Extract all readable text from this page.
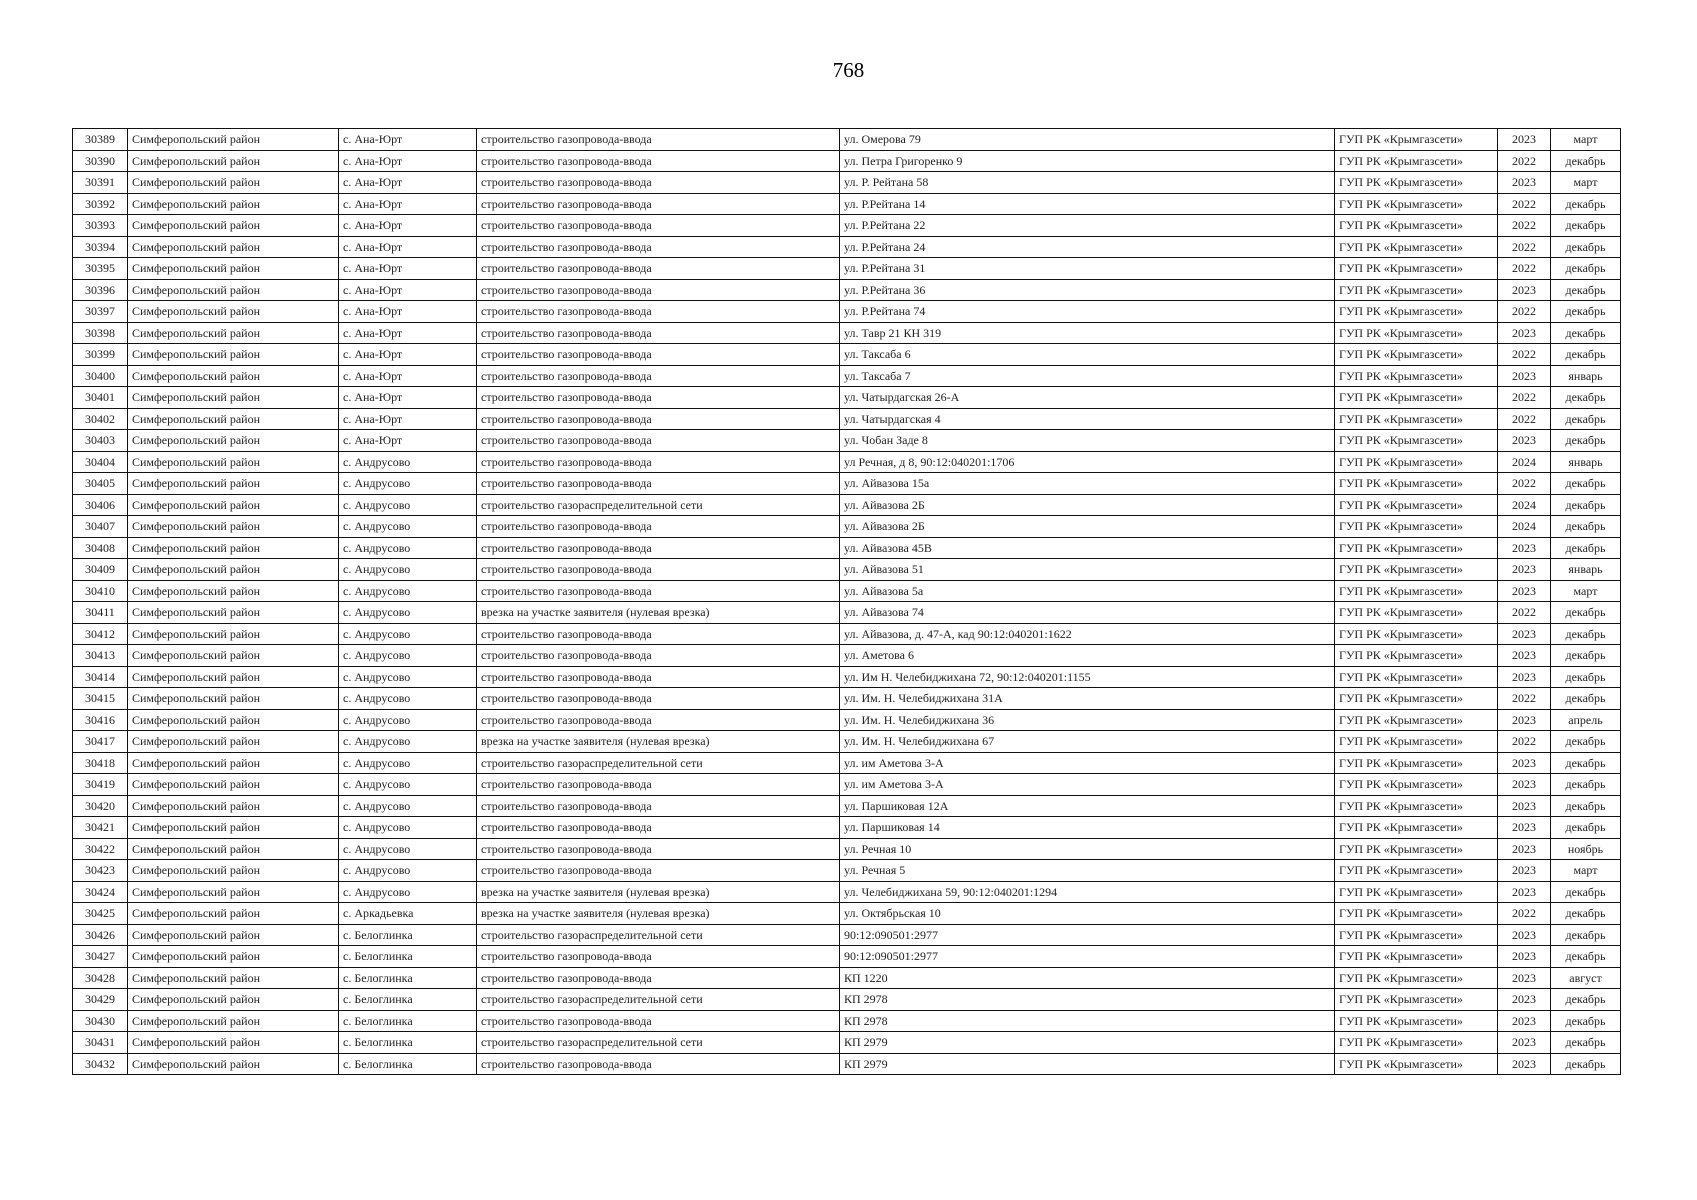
768
30389	Симферопольский район	с. Ана-Юрт	строительство газопровода-ввода	ул. Омерова 79	ГУП РК «Крымгазсети»	2023	март
30390	Симферопольский район	с. Ана-Юрт	строительство газопровода-ввода	ул. Петра Григоренко 9	ГУП РК «Крымгазсети»	2022	декабрь
30391	Симферопольский район	с. Ана-Юрт	строительство газопровода-ввода	ул. Р. Рейтана 58	ГУП РК «Крымгазсети»	2023	март
30392	Симферопольский район	с. Ана-Юрт	строительство газопровода-ввода	ул. Р.Рейтана 14	ГУП РК «Крымгазсети»	2022	декабрь
30393	Симферопольский район	с. Ана-Юрт	строительство газопровода-ввода	ул. Р.Рейтана 22	ГУП РК «Крымгазсети»	2022	декабрь
30394	Симферопольский район	с. Ана-Юрт	строительство газопровода-ввода	ул. Р.Рейтана 24	ГУП РК «Крымгазсети»	2022	декабрь
30395	Симферопольский район	с. Ана-Юрт	строительство газопровода-ввода	ул. Р.Рейтана 31	ГУП РК «Крымгазсети»	2022	декабрь
30396	Симферопольский район	с. Ана-Юрт	строительство газопровода-ввода	ул. Р.Рейтана 36	ГУП РК «Крымгазсети»	2023	декабрь
30397	Симферопольский район	с. Ана-Юрт	строительство газопровода-ввода	ул. Р.Рейтана 74	ГУП РК «Крымгазсети»	2022	декабрь
30398	Симферопольский район	с. Ана-Юрт	строительство газопровода-ввода	ул. Тавр 21 КН 319	ГУП РК «Крымгазсети»	2023	декабрь
30399	Симферопольский район	с. Ана-Юрт	строительство газопровода-ввода	ул. Таксаба 6	ГУП РК «Крымгазсети»	2022	декабрь
30400	Симферопольский район	с. Ана-Юрт	строительство газопровода-ввода	ул. Таксаба 7	ГУП РК «Крымгазсети»	2023	январь
30401	Симферопольский район	с. Ана-Юрт	строительство газопровода-ввода	ул. Чатырдагская 26-А	ГУП РК «Крымгазсети»	2022	декабрь
30402	Симферопольский район	с. Ана-Юрт	строительство газопровода-ввода	ул. Чатырдагская 4	ГУП РК «Крымгазсети»	2022	декабрь
30403	Симферопольский район	с. Ана-Юрт	строительство газопровода-ввода	ул. Чобан Заде 8	ГУП РК «Крымгазсети»	2023	декабрь
30404	Симферопольский район	с. Андрусово	строительство газопровода-ввода	ул Речная, д 8, 90:12:040201:1706	ГУП РК «Крымгазсети»	2024	январь
30405	Симферопольский район	с. Андрусово	строительство газопровода-ввода	ул. Айвазова 15а	ГУП РК «Крымгазсети»	2022	декабрь
30406	Симферопольский район	с. Андрусово	строительство газораспределительной сети	ул. Айвазова 2Б	ГУП РК «Крымгазсети»	2024	декабрь
30407	Симферопольский район	с. Андрусово	строительство газопровода-ввода	ул. Айвазова 2Б	ГУП РК «Крымгазсети»	2024	декабрь
30408	Симферопольский район	с. Андрусово	строительство газопровода-ввода	ул. Айвазова 45В	ГУП РК «Крымгазсети»	2023	декабрь
30409	Симферопольский район	с. Андрусово	строительство газопровода-ввода	ул. Айвазова 51	ГУП РК «Крымгазсети»	2023	январь
30410	Симферопольский район	с. Андрусово	строительство газопровода-ввода	ул. Айвазова 5а	ГУП РК «Крымгазсети»	2023	март
30411	Симферопольский район	с. Андрусово	врезка на участке заявителя (нулевая врезка)	ул. Айвазова 74	ГУП РК «Крымгазсети»	2022	декабрь
30412	Симферопольский район	с. Андрусово	строительство газопровода-ввода	ул. Айвазова, д. 47-А, кад 90:12:040201:1622	ГУП РК «Крымгазсети»	2023	декабрь
30413	Симферопольский район	с. Андрусово	строительство газопровода-ввода	ул. Аметова 6	ГУП РК «Крымгазсети»	2023	декабрь
30414	Симферопольский район	с. Андрусово	строительство газопровода-ввода	ул. Им Н. Челебиджихана 72, 90:12:040201:1155	ГУП РК «Крымгазсети»	2023	декабрь
30415	Симферопольский район	с. Андрусово	строительство газопровода-ввода	ул. Им. Н. Челебиджихана 31А	ГУП РК «Крымгазсети»	2022	декабрь
30416	Симферопольский район	с. Андрусово	строительство газопровода-ввода	ул. Им. Н. Челебиджихана 36	ГУП РК «Крымгазсети»	2023	апрель
30417	Симферопольский район	с. Андрусово	врезка на участке заявителя (нулевая врезка)	ул. Им. Н. Челебиджихана 67	ГУП РК «Крымгазсети»	2022	декабрь
30418	Симферопольский район	с. Андрусово	строительство газораспределительной сети	ул. им Аметова 3-А	ГУП РК «Крымгазсети»	2023	декабрь
30419	Симферопольский район	с. Андрусово	строительство газопровода-ввода	ул. им Аметова 3-А	ГУП РК «Крымгазсети»	2023	декабрь
30420	Симферопольский район	с. Андрусово	строительство газопровода-ввода	ул. Паршиковая 12А	ГУП РК «Крымгазсети»	2023	декабрь
30421	Симферопольский район	с. Андрусово	строительство газопровода-ввода	ул. Паршиковая 14	ГУП РК «Крымгазсети»	2023	декабрь
30422	Симферопольский район	с. Андрусово	строительство газопровода-ввода	ул. Речная 10	ГУП РК «Крымгазсети»	2023	ноябрь
30423	Симферопольский район	с. Андрусово	строительство газопровода-ввода	ул. Речная 5	ГУП РК «Крымгазсети»	2023	март
30424	Симферопольский район	с. Андрусово	врезка на участке заявителя (нулевая врезка)	ул. Челебиджихана 59, 90:12:040201:1294	ГУП РК «Крымгазсети»	2023	декабрь
30425	Симферопольский район	с. Аркадьевка	врезка на участке заявителя (нулевая врезка)	ул. Октябрьская 10	ГУП РК «Крымгазсети»	2022	декабрь
30426	Симферопольский район	с. Белоглинка	строительство газораспределительной сети	90:12:090501:2977	ГУП РК «Крымгазсети»	2023	декабрь
30427	Симферопольский район	с. Белоглинка	строительство газопровода-ввода	90:12:090501:2977	ГУП РК «Крымгазсети»	2023	декабрь
30428	Симферопольский район	с. Белоглинка	строительство газопровода-ввода	КП 1220	ГУП РК «Крымгазсети»	2023	август
30429	Симферопольский район	с. Белоглинка	строительство газораспределительной сети	КП 2978	ГУП РК «Крымгазсети»	2023	декабрь
30430	Симферопольский район	с. Белоглинка	строительство газопровода-ввода	КП 2978	ГУП РК «Крымгазсети»	2023	декабрь
30431	Симферопольский район	с. Белоглинка	строительство газораспределительной сети	КП 2979	ГУП РК «Крымгазсети»	2023	декабрь
30432	Симферопольский район	с. Белоглинка	строительство газопровода-ввода	КП 2979	ГУП РК «Крымгазсети»	2023	декабрь
